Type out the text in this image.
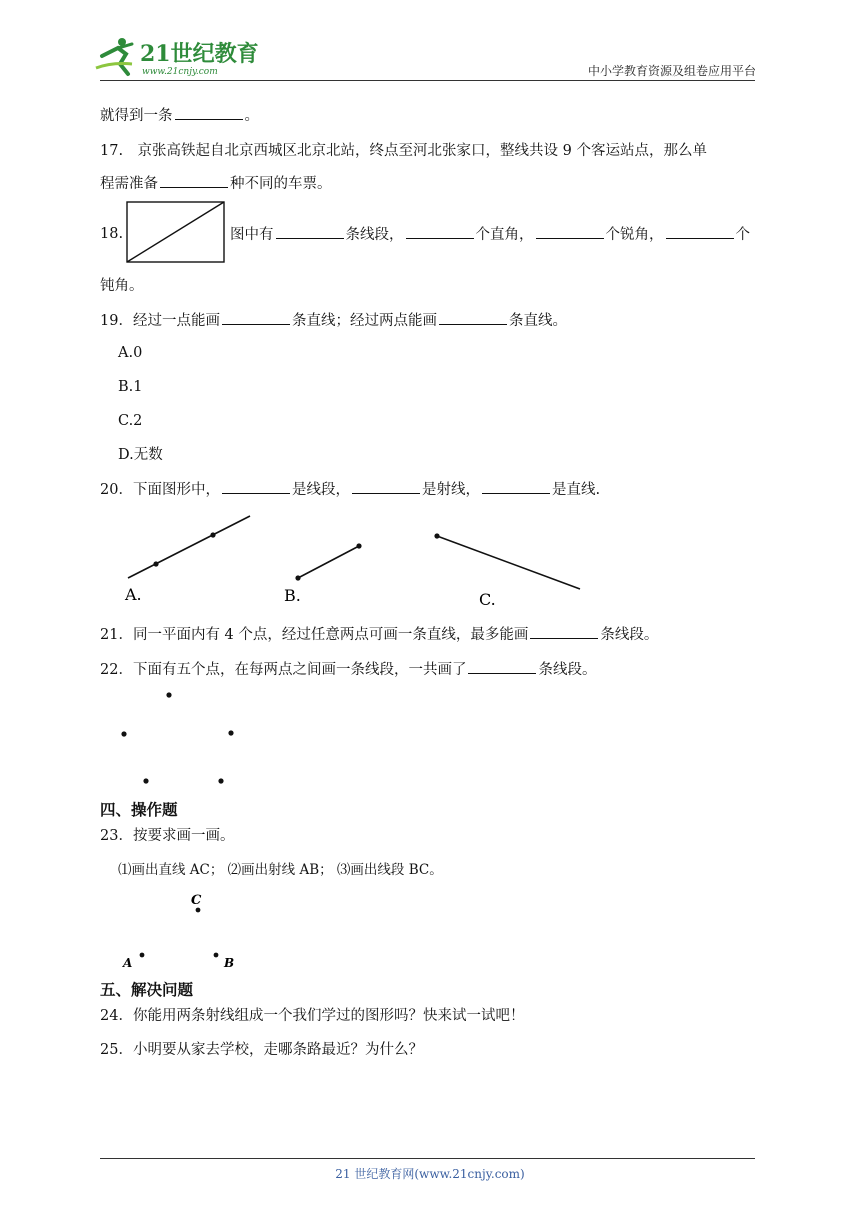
21世纪教育
www.21cnjy.com	中小学教育资源及组卷应用平台
就得到一条	。
17.　京张高铁起自北京西城区北京北站，终点至河北张家口，整线共设 9 个客运站点，那么单
程需准备	种不同的车票。
18.	图中有	条线段，	个直角，	个锐角，	个
钝角。
19．经过一点能画	条直线；经过两点能画	条直线。
A.0
B.1
C.2
D.无数
20．下面图形中，	是线段，	是射线，	是直线.
A.	B.	C.
21．同一平面内有 4 个点，经过任意两点可画一条直线，最多能画	条线段。
22．下面有五个点，在每两点之间画一条线段，一共画了	条线段。
四、操作题
23．按要求画一画。
⑴画出直线 AC； ⑵画出射线 AB； ⑶画出线段 BC。
C
A	B
五、解决问题
24．你能用两条射线组成一个我们学过的图形吗？快来试一试吧！
25．小明要从家去学校，走哪条路最近？为什么？
21 世纪教育网(www.21cnjy.com)
